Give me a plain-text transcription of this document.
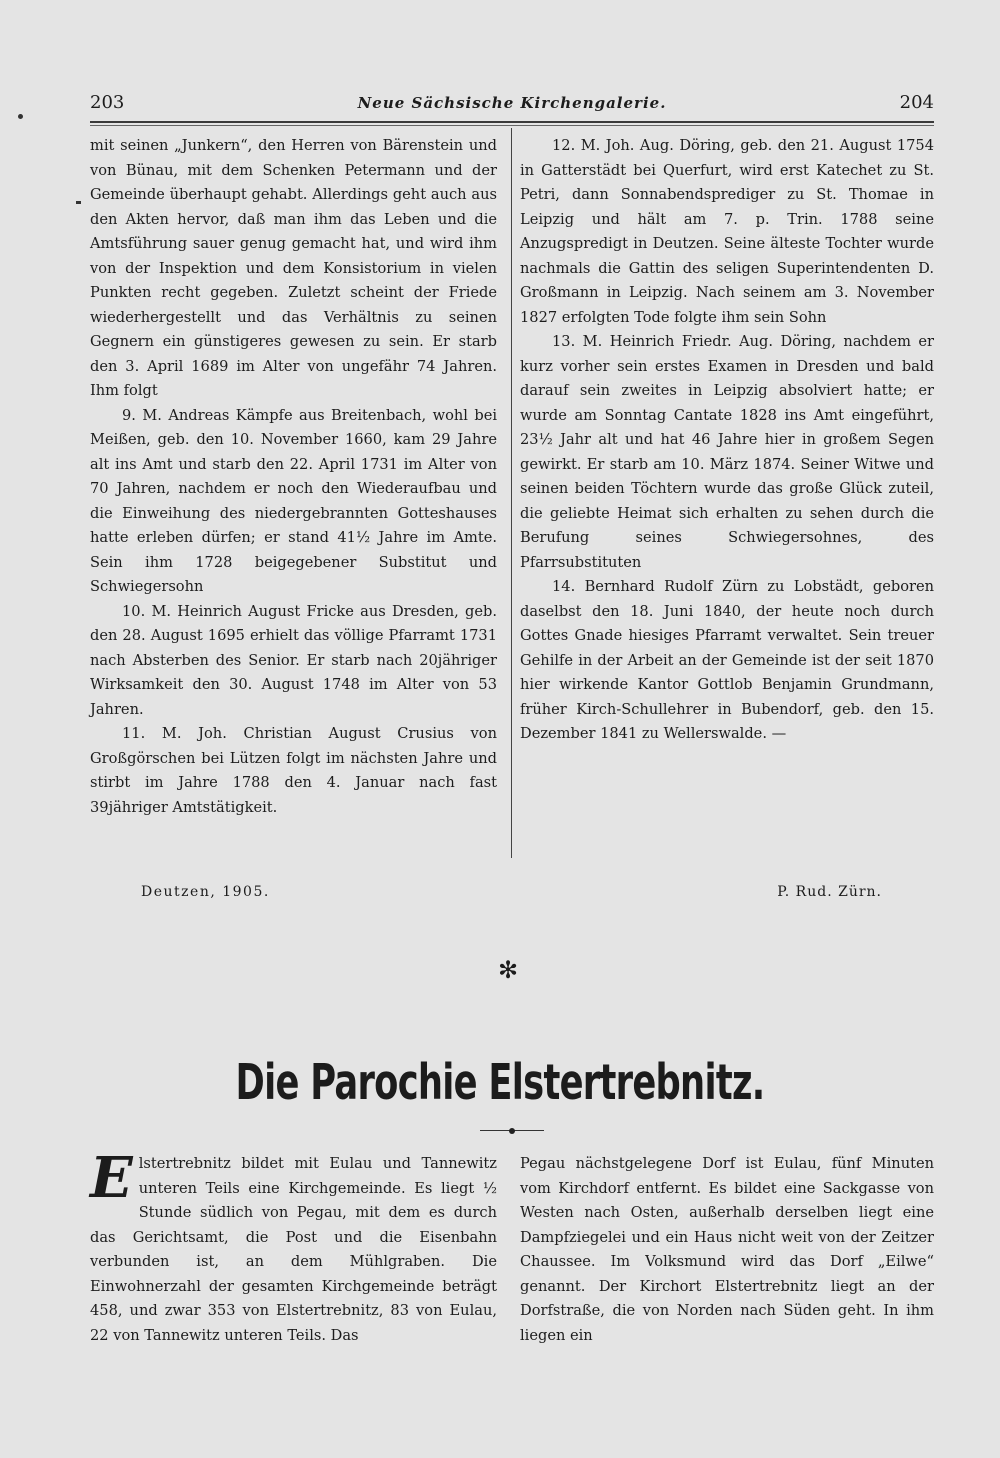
203	Neue Sächsische Kirchengalerie.	204

mit seinen „Junkern“, den Herren von Bärenstein und von Bünau, mit dem Schenken Petermann und der Gemeinde überhaupt gehabt. Allerdings geht auch aus den Akten hervor, daß man ihm das Leben und die Amtsführung sauer genug gemacht hat, und wird ihm von der Inspektion und dem Konsistorium in vielen Punkten recht gegeben. Zuletzt scheint der Friede wiederhergestellt und das Verhältnis zu seinen Gegnern ein günstigeres gewesen zu sein. Er starb den 3. April 1689 im Alter von ungefähr 74 Jahren. Ihm folgt

9. M. Andreas Kämpfe aus Breitenbach, wohl bei Meißen, geb. den 10. November 1660, kam 29 Jahre alt ins Amt und starb den 22. April 1731 im Alter von 70 Jahren, nachdem er noch den Wiederaufbau und die Einweihung des niedergebrannten Gotteshauses hatte erleben dürfen; er stand 41½ Jahre im Amte. Sein ihm 1728 beigegebener Substitut und Schwiegersohn

10. M. Heinrich August Fricke aus Dresden, geb. den 28. August 1695 erhielt das völlige Pfarramt 1731 nach Absterben des Senior. Er starb nach 20jähriger Wirksamkeit den 30. August 1748 im Alter von 53 Jahren.

11. M. Joh. Christian August Crusius von Großgörschen bei Lützen folgt im nächsten Jahre und stirbt im Jahre 1788 den 4. Januar nach fast 39jähriger Amtstätigkeit.

12. M. Joh. Aug. Döring, geb. den 21. August 1754 in Gatterstädt bei Querfurt, wird erst Katechet zu St. Petri, dann Sonnabendsprediger zu St. Thomae in Leipzig und hält am 7. p. Trin. 1788 seine Anzugspredigt in Deutzen. Seine älteste Tochter wurde nachmals die Gattin des seligen Superintendenten D. Großmann in Leipzig. Nach seinem am 3. November 1827 erfolgten Tode folgte ihm sein Sohn

13. M. Heinrich Friedr. Aug. Döring, nachdem er kurz vorher sein erstes Examen in Dresden und bald darauf sein zweites in Leipzig absolviert hatte; er wurde am Sonntag Cantate 1828 ins Amt eingeführt, 23½ Jahr alt und hat 46 Jahre hier in großem Segen gewirkt. Er starb am 10. März 1874. Seiner Witwe und seinen beiden Töchtern wurde das große Glück zuteil, die geliebte Heimat sich erhalten zu sehen durch die Berufung seines Schwiegersohnes, des Pfarrsubstituten

14. Bernhard Rudolf Zürn zu Lobstädt, geboren daselbst den 18. Juni 1840, der heute noch durch Gottes Gnade hiesiges Pfarramt verwaltet. Sein treuer Gehilfe in der Arbeit an der Gemeinde ist der seit 1870 hier wirkende Kantor Gottlob Benjamin Grundmann, früher Kirch-Schullehrer in Bubendorf, geb. den 15. Dezember 1841 zu Wellerswalde. —

Deutzen, 1905.	P. Rud. Zürn.
✻
Die Parochie Elstertrebnitz.

Elstertrebnitz bildet mit Eulau und Tannewitz unteren Teils eine Kirchgemeinde. Es liegt ½ Stunde südlich von Pegau, mit dem es durch das Gerichtsamt, die Post und die Eisenbahn verbunden ist, an dem Mühlgraben. Die Einwohnerzahl der gesamten Kirchgemeinde beträgt 458, und zwar 353 von Elstertrebnitz, 83 von Eulau, 22 von Tannewitz unteren Teils. Das

Pegau nächstgelegene Dorf ist Eulau, fünf Minuten vom Kirchdorf entfernt. Es bildet eine Sackgasse von Westen nach Osten, außerhalb derselben liegt eine Dampfziegelei und ein Haus nicht weit von der Zeitzer Chaussee. Im Volksmund wird das Dorf „Eilwe“ genannt. Der Kirchort Elstertrebnitz liegt an der Dorfstraße, die von Norden nach Süden geht. In ihm liegen ein
